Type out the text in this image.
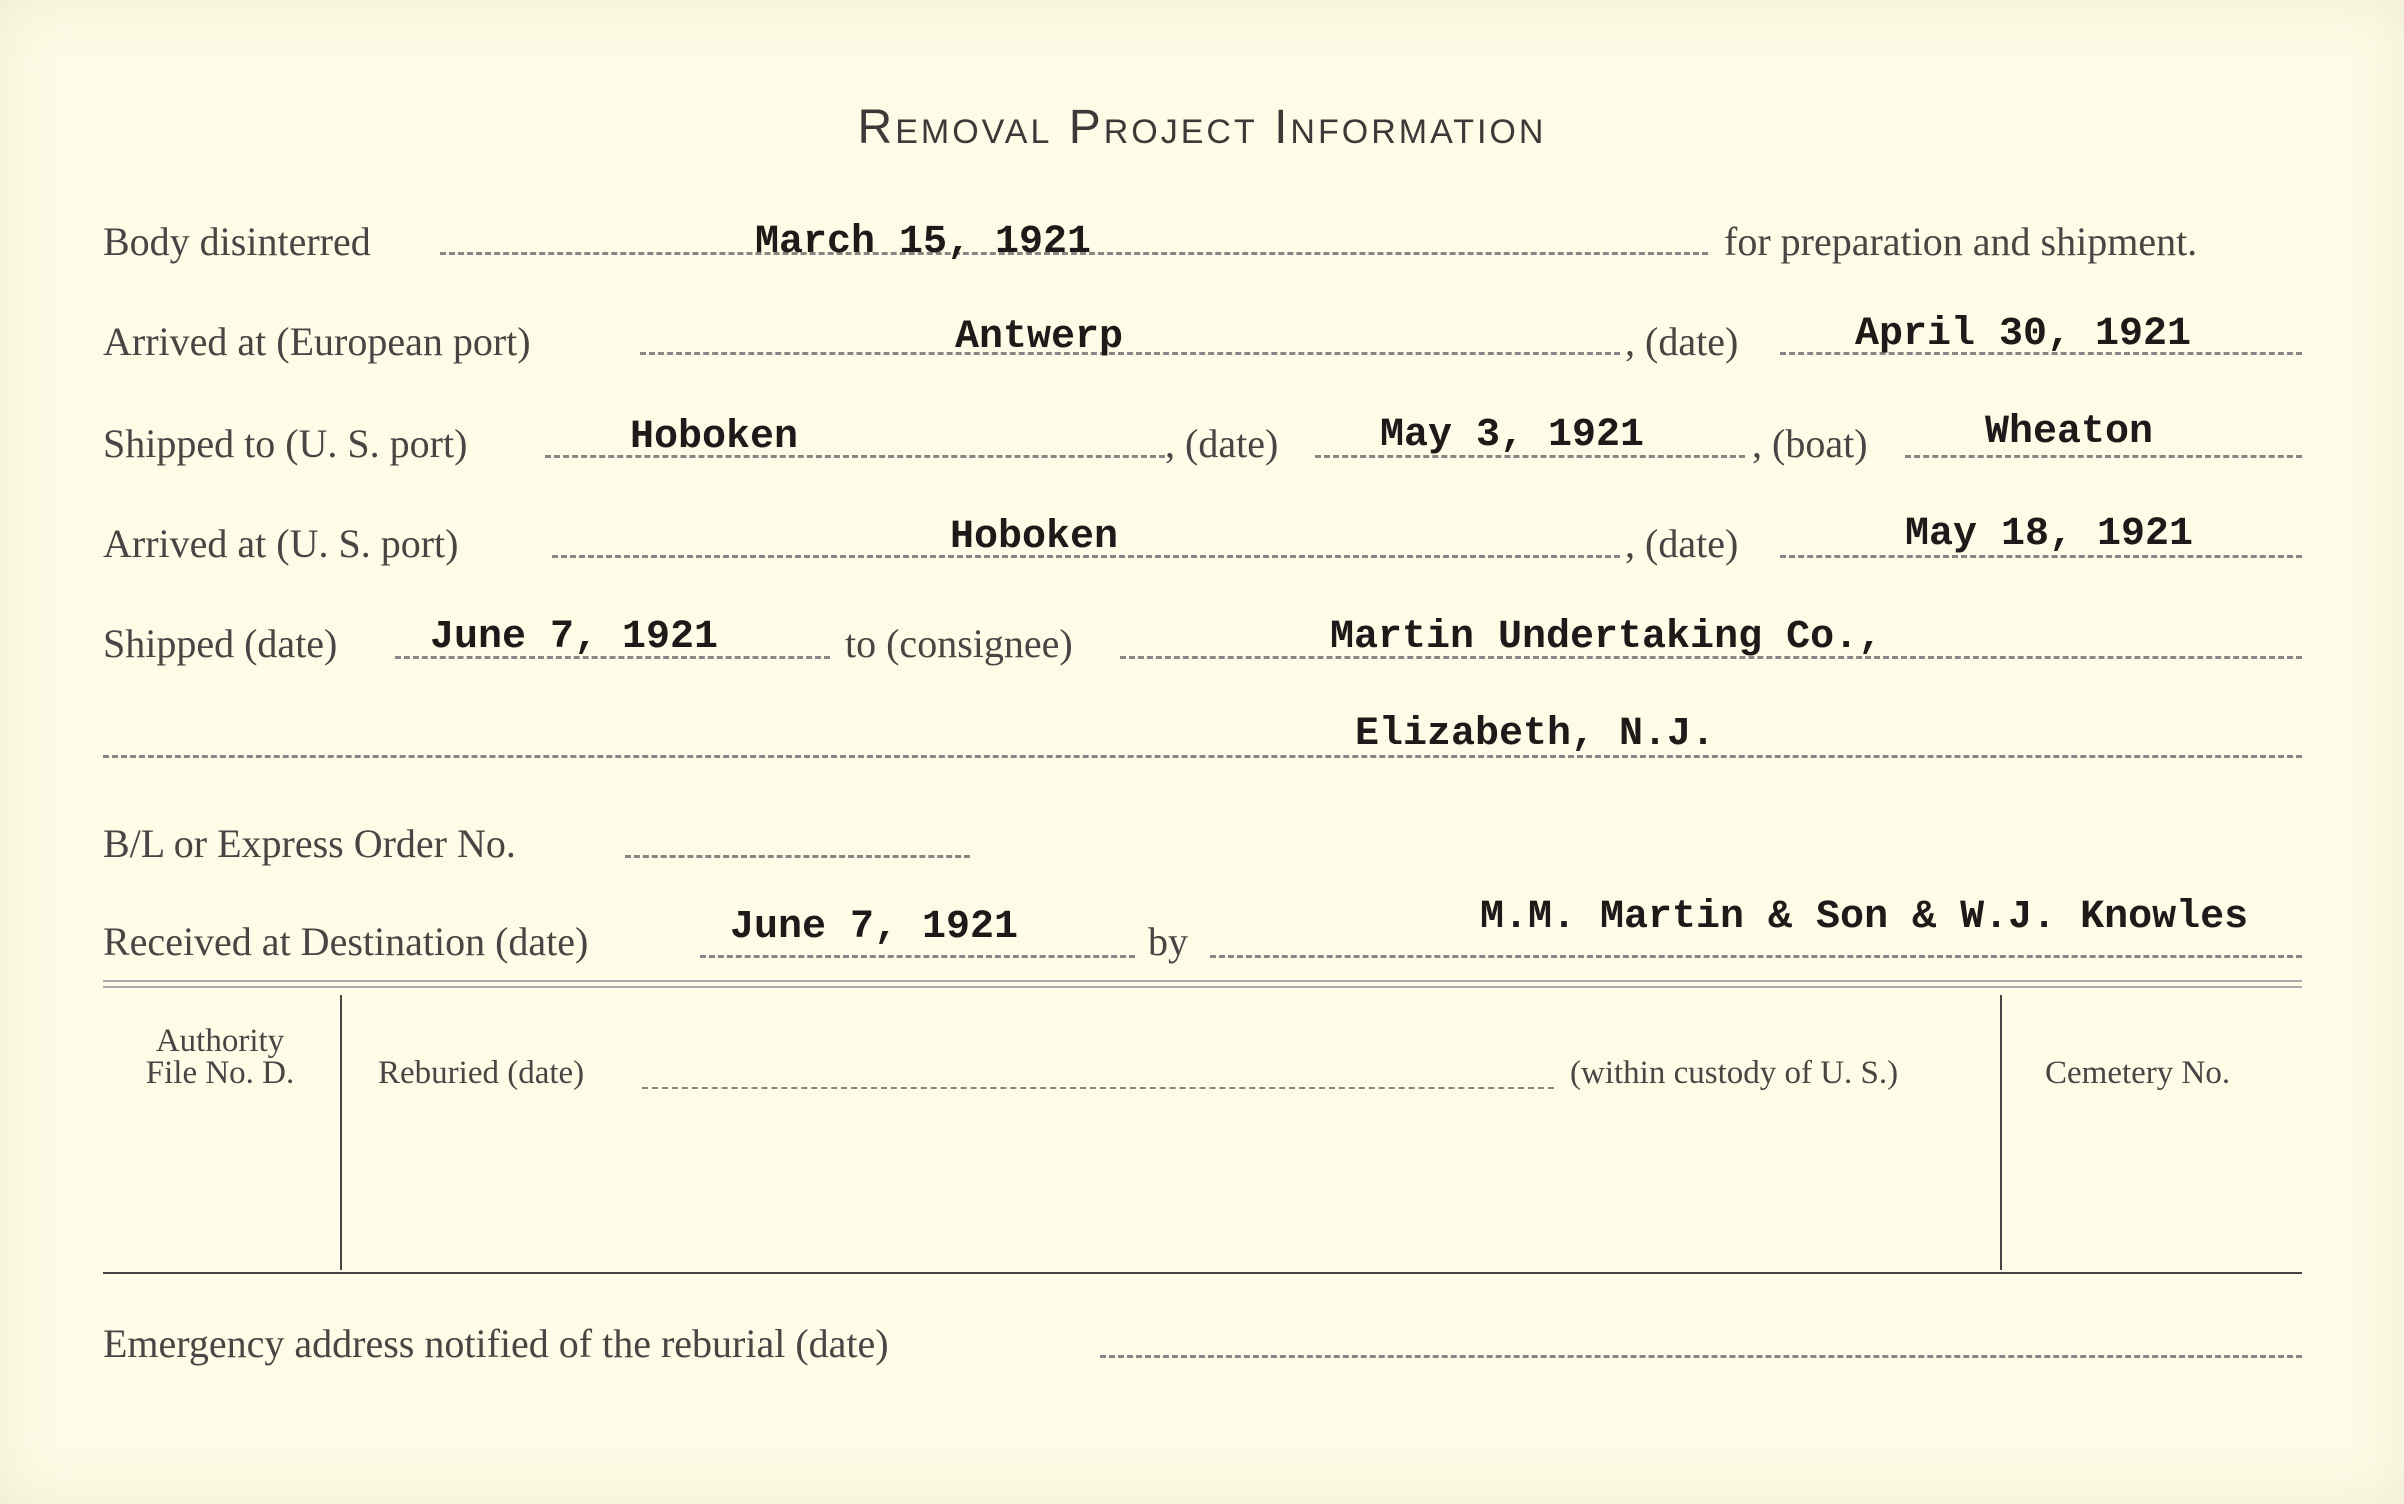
Removal Project Information
Body disinterred	March 15, 1921	for preparation and shipment.
Arrived at (European port)	Antwerp	, (date)	April 30, 1921
Shipped to (U. S. port)	Hoboken	, (date)	May 3, 1921	, (boat)	Wheaton
Arrived at (U. S. port)	Hoboken	, (date)	May 18, 1921
Shipped (date) June 7, 1921	to (consignee)	Martin Undertaking Co.,
Elizabeth, N.J.
B/L or Express Order No.
Received at Destination (date)	June 7, 1921	by
M.M. Martin & Son & W.J. Knowles
Authority
File No. D.	Reburied (date)	(within custody of U. S.)	Cemetery No.
Emergency address notified of the reburial (date)
